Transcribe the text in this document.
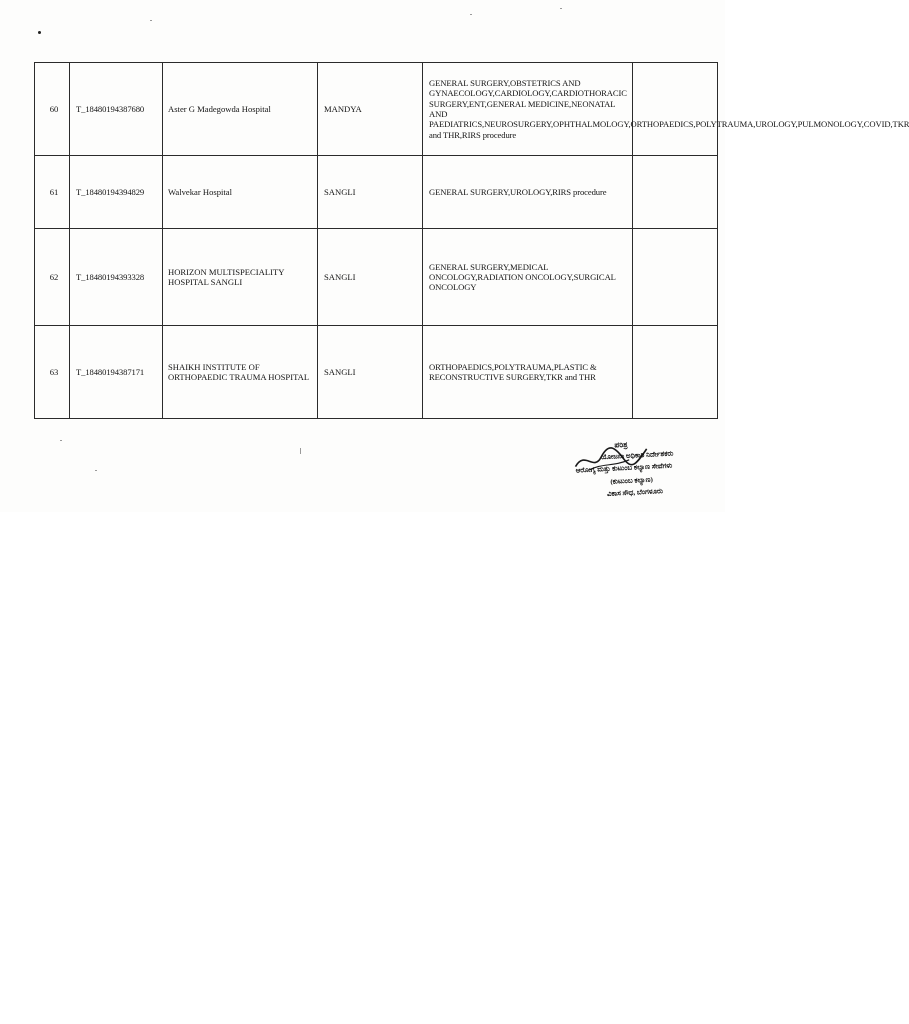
60	T_18480194387680	Aster G Madegowda Hospital	MANDYA	GENERAL SURGERY,OBSTETRICS AND GYNAECOLOGY,CARDIOLOGY,CARDIOTHORACIC SURGERY,ENT,GENERAL MEDICINE,NEONATAL AND PAEDIATRICS,NEUROSURGERY,OPHTHALMOLOGY,ORTHOPAEDICS,POLYTRAUMA,UROLOGY,PULMONOLOGY,COVID,TKR and THR,RIRS procedure	
61	T_18480194394829	Walvekar Hospital	SANGLI	GENERAL SURGERY,UROLOGY,RIRS procedure	
62	T_18480194393328	HORIZON MULTISPECIALITY HOSPITAL SANGLI	SANGLI	GENERAL SURGERY,MEDICAL ONCOLOGY,RADIATION ONCOLOGY,SURGICAL ONCOLOGY	
63	T_18480194387171	SHAIKH INSTITUTE OF ORTHOPAEDIC TRAUMA HOSPITAL	SANGLI	ORTHOPAEDICS,POLYTRAUMA,PLASTIC & RECONSTRUCTIVE SURGERY,TKR and THR	
ಪರಿಶ್ರ
ಯೋಜನಾ ಅಧಿಕಾರಿ ನಿರ್ದೇಶಕರು
ಆರೋಗ್ಯ ಮತ್ತು ಕುಟುಂಬ ಕಲ್ಯಾಣ ಸೇವೆಗಳು
(ಕುಟುಂಬ ಕಲ್ಯಾಣ)
ವಿಕಾಸ ಸೌಧ, ಬೆಂಗಳೂರು
